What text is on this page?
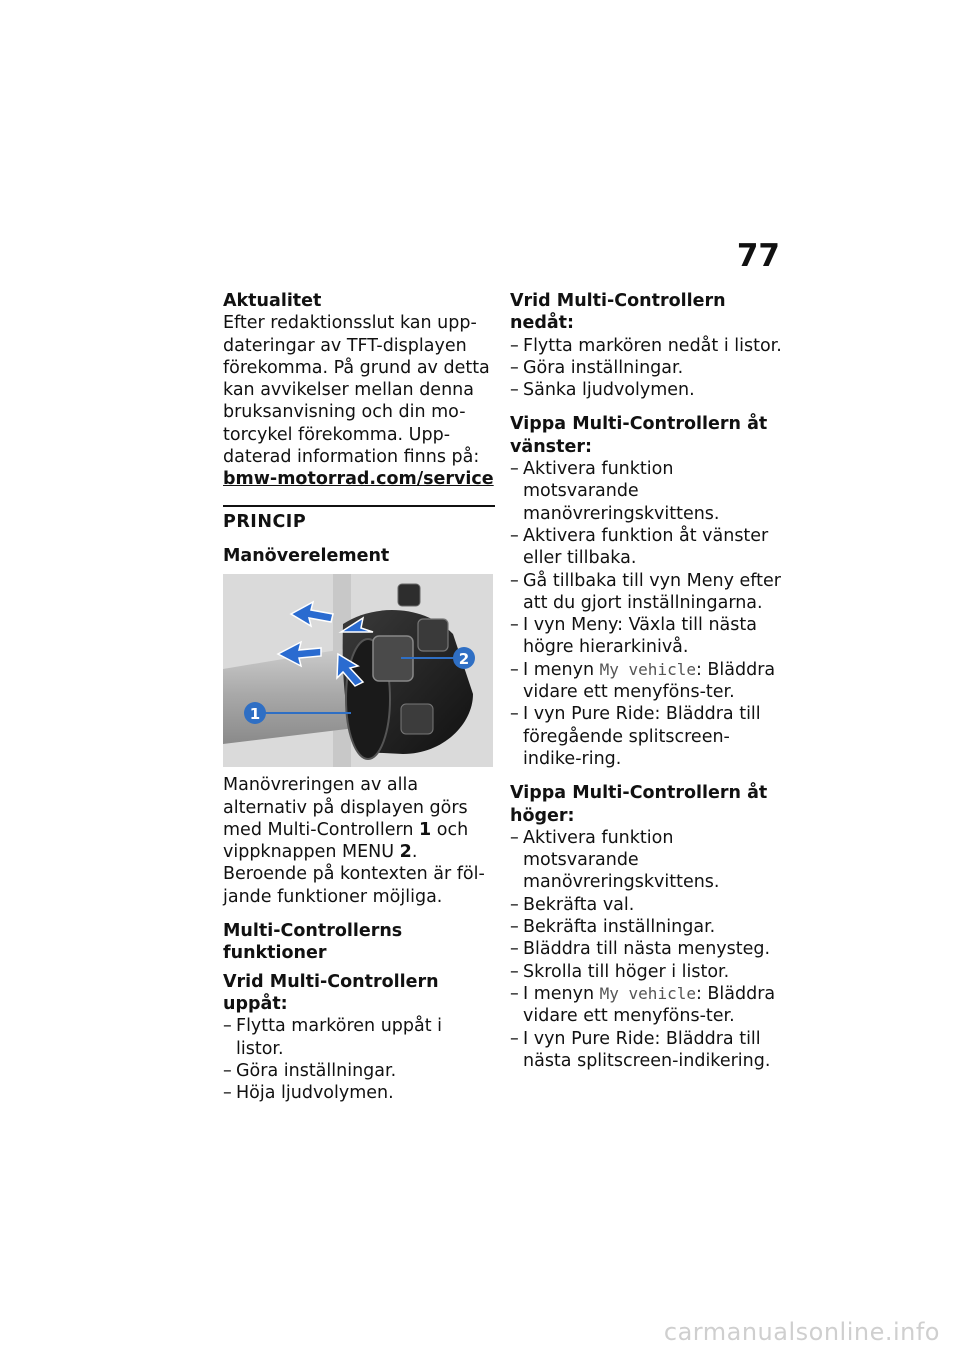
77
Aktualitet
Efter redaktionsslut kan upp-dateringar av TFT-displayen förekomma. På grund av detta kan avvikelser mellan denna bruksanvisning och din mo-torcykel förekomma. Upp-daterad information finns på:
bmw-motorrad.com/service
PRINCIP
Manöverelement
2
1
Manövreringen av alla alternativ på displayen görs med Multi-Controllern 1 och vippknappen MENU 2.
Beroende på kontexten är föl-jande funktioner möjliga.
Multi-Controllerns funktioner
Vrid Multi-Controllern uppåt:
– Flytta markören uppåt i listor.
– Göra inställningar.
– Höja ljudvolymen.
Vrid Multi-Controllern nedåt:
– Flytta markören nedåt i listor.
– Göra inställningar.
– Sänka ljudvolymen.
Vippa Multi-Controllern åt vänster:
– Aktivera funktion motsvarande manövreringskvittens.
– Aktivera funktion åt vänster eller tillbaka.
– Gå tillbaka till vyn Meny efter att du gjort inställningarna.
– I vyn Meny: Växla till nästa högre hierarkinivå.
– I menyn My vehicle: Bläddra vidare ett menyföns-ter.
– I vyn Pure Ride: Bläddra till föregående splitscreen-indike-ring.
Vippa Multi-Controllern åt höger:
– Aktivera funktion motsvarande manövreringskvittens.
– Bekräfta val.
– Bekräfta inställningar.
– Bläddra till nästa menysteg.
– Skrolla till höger i listor.
– I menyn My vehicle: Bläddra vidare ett menyföns-ter.
– I vyn Pure Ride: Bläddra till nästa splitscreen-indikering.
carmanualsonline.info
